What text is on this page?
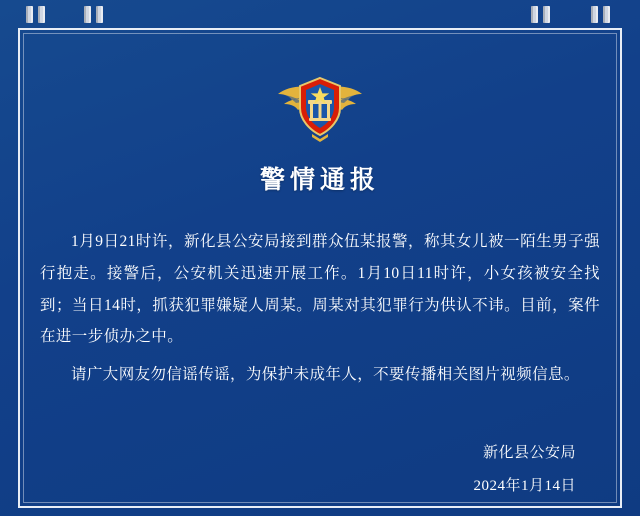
警情通报

1月9日21时许，新化县公安局接到群众伍某报警，称其女儿被一陌生男子强行抱走。接警后，公安机关迅速开展工作。1月10日11时许，小女孩被安全找到；当日14时，抓获犯罪嫌疑人周某。周某对其犯罪行为供认不讳。目前，案件在进一步侦办之中。

请广大网友勿信谣传谣，为保护未成年人，不要传播相关图片视频信息。

新化县公安局
2024年1月14日
